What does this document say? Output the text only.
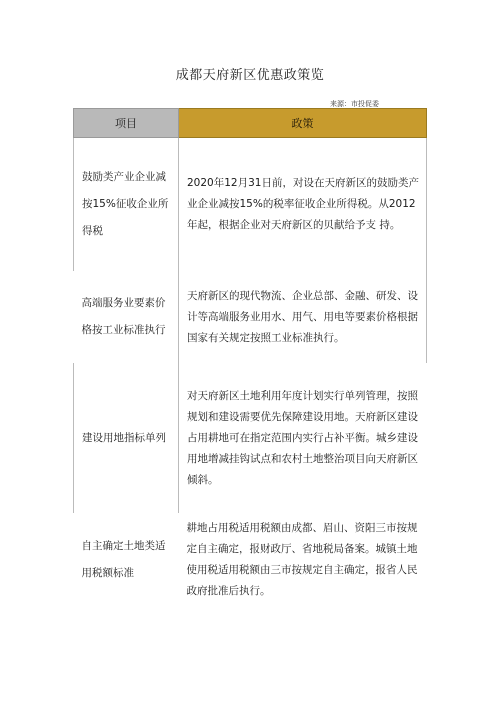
成都天府新区优惠政策览
来源：市投促委
项目	政策

鼓励类产业企业减按15%征收企业所得税	2020年12月31日前，对设在天府新区的鼓励类产业企业减按15%的税率征收企业所得税。从2012年起，根据企业对天府新区的贝献给予支 持。

高端服务业要素价格按工业标准执行	天府新区的现代物流、企业总部、金融、研发、设计等高端服务业用水、用气、用电等要素价格根据国家有关规定按照工业标准执行。

建设用地指标单列	对天府新区土地利用年度计划实行单列管理，按照规划和建设需要优先保障建设用地。天府新区建设占用耕地可在指定范围内实行占补平衡。城乡建设用地增减挂钩试点和农村土地整治项目向天府新区倾斜。

自主确定土地类适用税额标准	耕地占用税适用税额由成都、眉山、资阳三市按规定自主确定，报财政厅、省地税局备案。城镇土地使用税适用税额由三市按规定自主确定，报省人民政府批准后执行。
